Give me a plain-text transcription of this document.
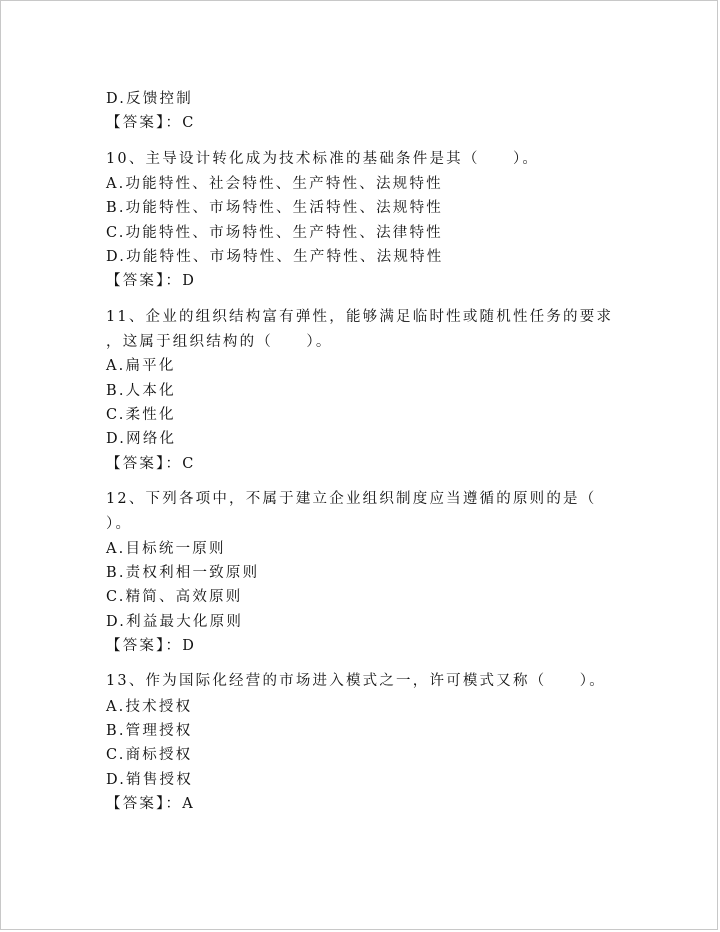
D.反馈控制
【答案】：C
10、主导设计转化成为技术标准的基础条件是其（　　）。
A.功能特性、社会特性、生产特性、法规特性
B.功能特性、市场特性、生活特性、法规特性
C.功能特性、市场特性、生产特性、法律特性
D.功能特性、市场特性、生产特性、法规特性
【答案】：D
11、企业的组织结构富有弹性，能够满足临时性或随机性任务的要求
，这属于组织结构的（　　）。
A.扁平化
B.人本化
C.柔性化
D.网络化
【答案】：C
12、下列各项中，不属于建立企业组织制度应当遵循的原则的是（
）。
A.目标统一原则
B.责权利相一致原则
C.精简、高效原则
D.利益最大化原则
【答案】：D
13、作为国际化经营的市场进入模式之一，许可模式又称（　　）。
A.技术授权
B.管理授权
C.商标授权
D.销售授权
【答案】：A
